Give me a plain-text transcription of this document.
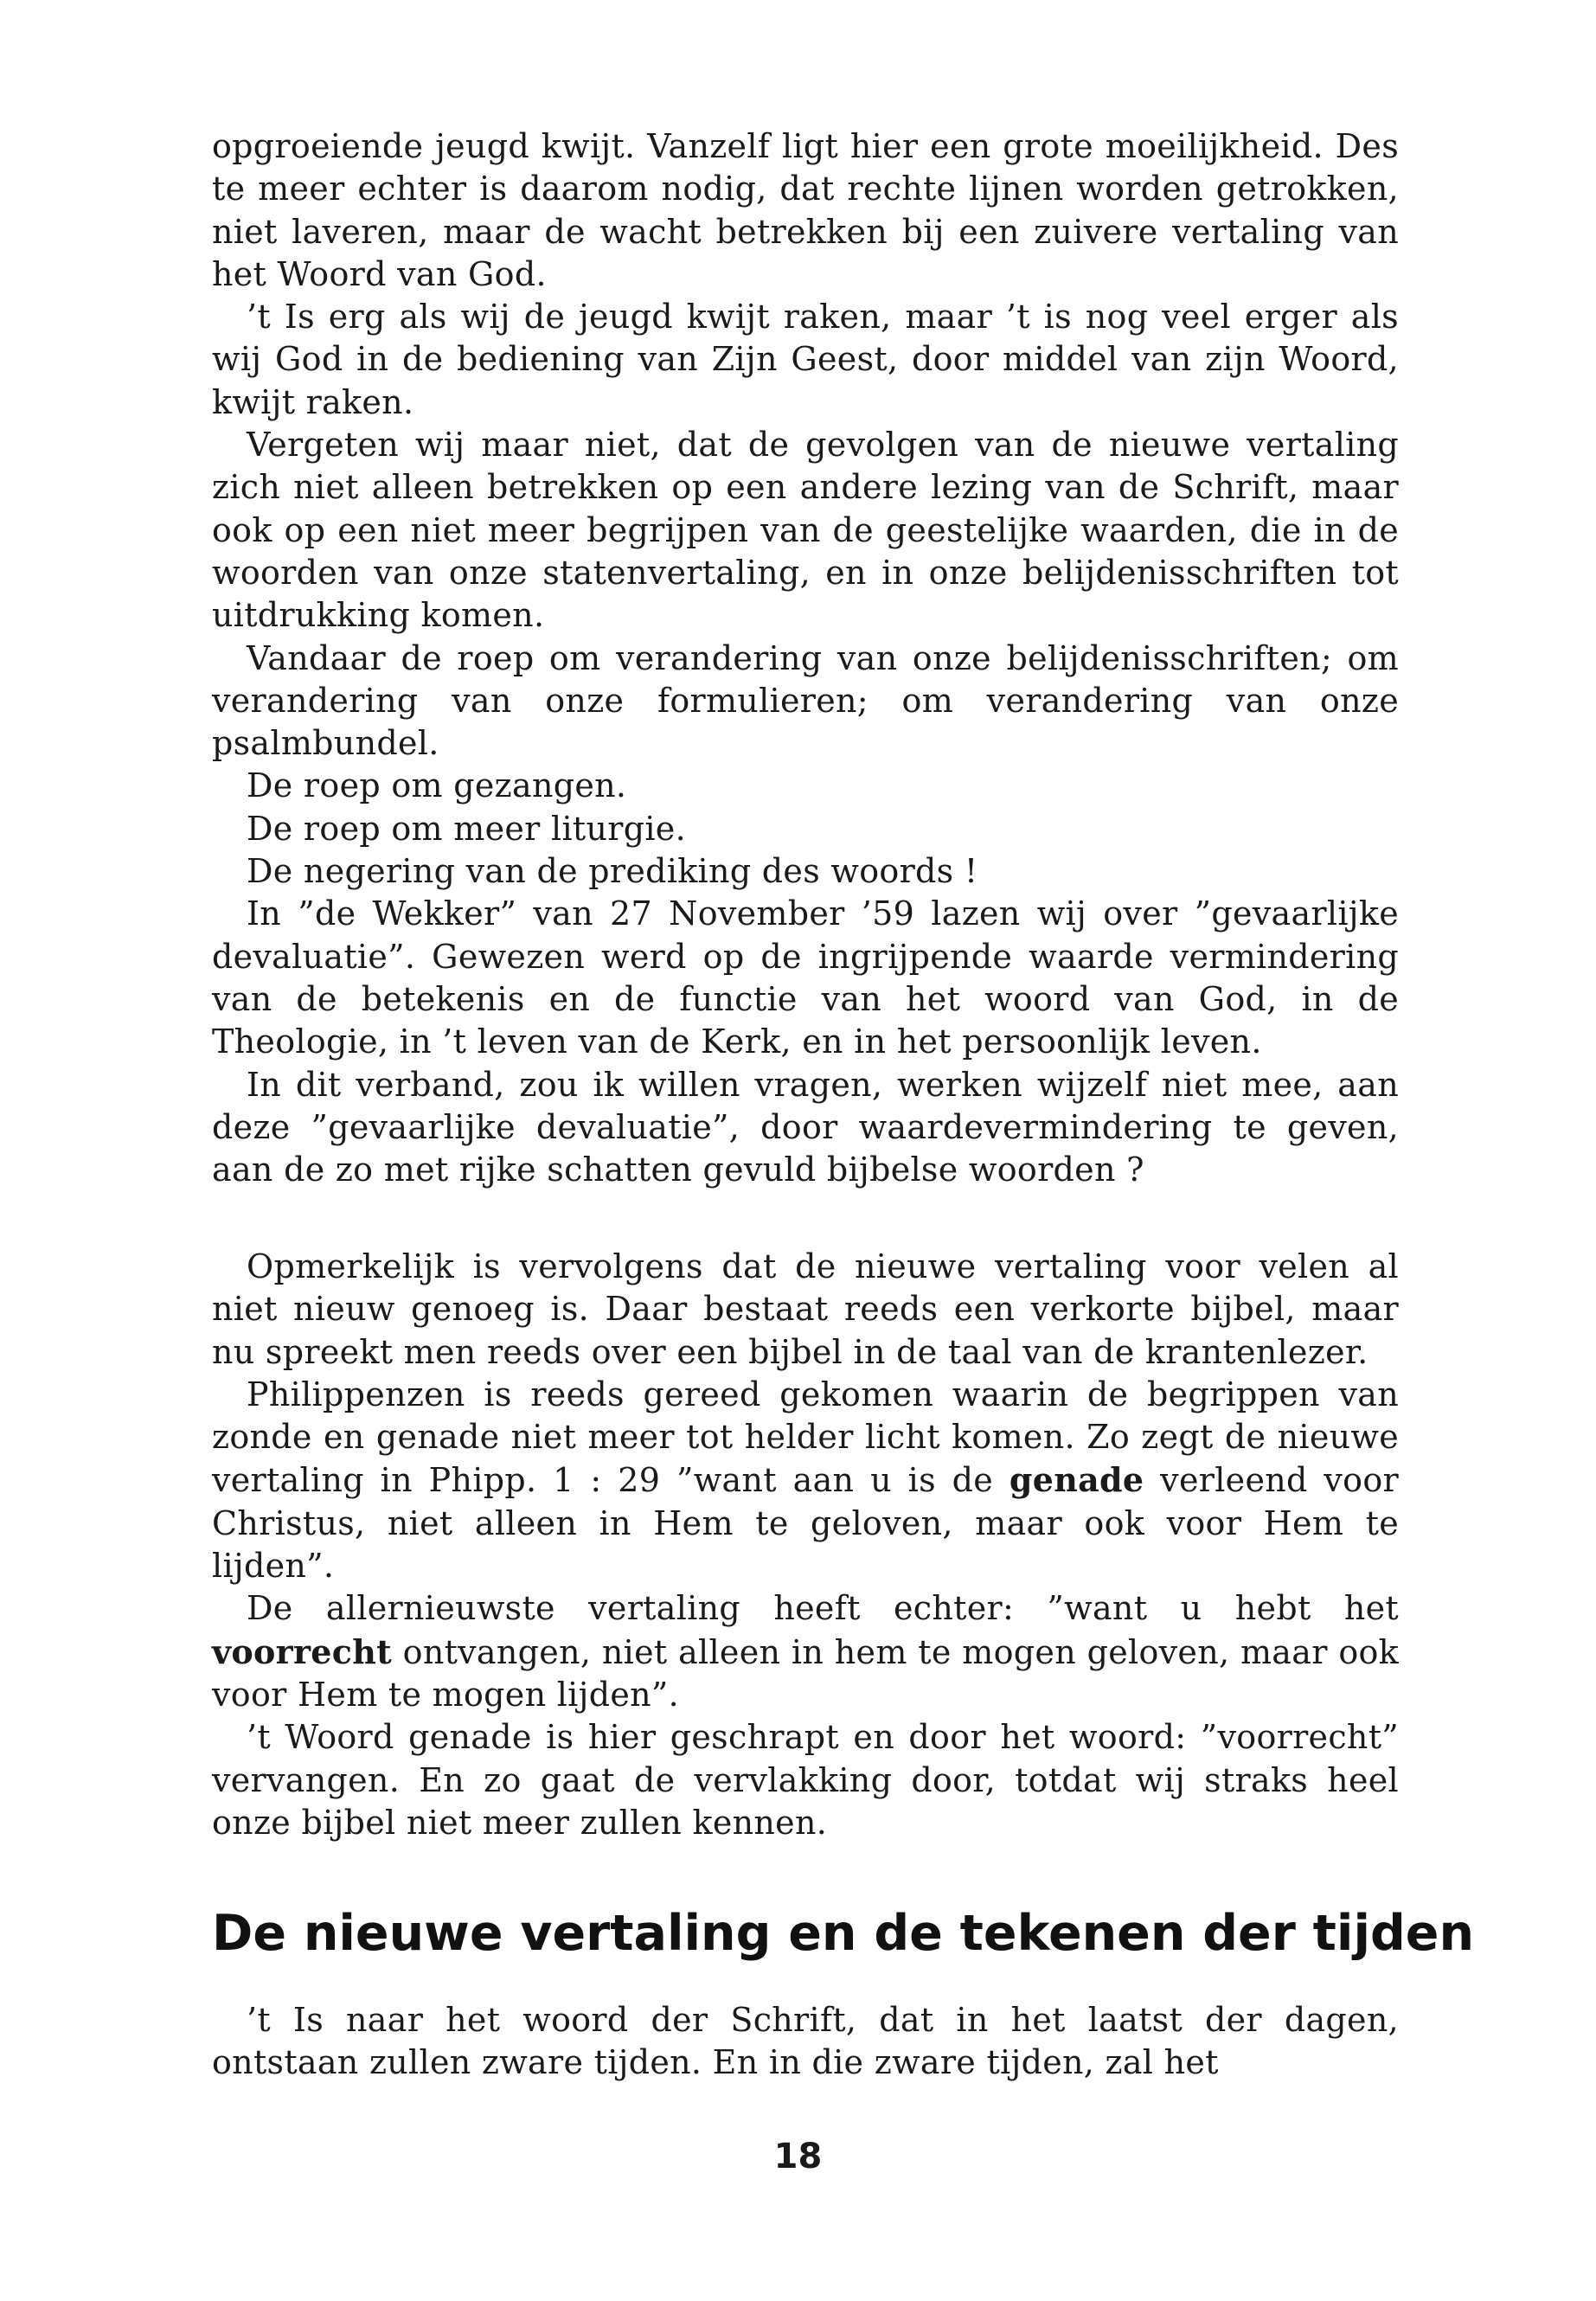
opgroeiende jeugd kwijt. Vanzelf ligt hier een grote moeilijkheid. Des te meer echter is daarom nodig, dat rechte lijnen worden getrokken, niet laveren, maar de wacht betrekken bij een zuivere vertaling van het Woord van God.

’t Is erg als wij de jeugd kwijt raken, maar ’t is nog veel erger als wij God in de bediening van Zijn Geest, door middel van zijn Woord, kwijt raken.

Vergeten wij maar niet, dat de gevolgen van de nieuwe vertaling zich niet alleen betrekken op een andere lezing van de Schrift, maar ook op een niet meer begrijpen van de geestelijke waarden, die in de woorden van onze statenvertaling, en in onze belijdenisschriften tot uitdrukking komen.

Vandaar de roep om verandering van onze belijdenisschriften; om verandering van onze formulieren; om verandering van onze psalmbundel.

De roep om gezangen.

De roep om meer liturgie.

De negering van de prediking des woords !

In ”de Wekker” van 27 November ’59 lazen wij over ”gevaarlijke devaluatie”. Gewezen werd op de ingrijpende waarde vermindering van de betekenis en de functie van het woord van God, in de Theologie, in ’t leven van de Kerk, en in het persoonlijk leven.

In dit verband, zou ik willen vragen, werken wijzelf niet mee, aan deze ”gevaarlijke devaluatie”, door waardevermindering te geven, aan de zo met rijke schatten gevuld bijbelse woorden ?

Opmerkelijk is vervolgens dat de nieuwe vertaling voor velen al niet nieuw genoeg is. Daar bestaat reeds een verkorte bijbel, maar nu spreekt men reeds over een bijbel in de taal van de krantenlezer.

Philippenzen is reeds gereed gekomen waarin de begrippen van zonde en genade niet meer tot helder licht komen. Zo zegt de nieuwe vertaling in Phipp. 1 : 29 ”want aan u is de genade verleend voor Christus, niet alleen in Hem te geloven, maar ook voor Hem te lijden”.

De allernieuwste vertaling heeft echter: ”want u hebt het voorrecht ontvangen, niet alleen in hem te mogen geloven, maar ook voor Hem te mogen lijden”.

’t Woord genade is hier geschrapt en door het woord: ”voorrecht” vervangen. En zo gaat de vervlakking door, totdat wij straks heel onze bijbel niet meer zullen kennen.

De nieuwe vertaling en de tekenen der tijden

’t Is naar het woord der Schrift, dat in het laatst der dagen, ontstaan zullen zware tijden. En in die zware tijden, zal het

18
